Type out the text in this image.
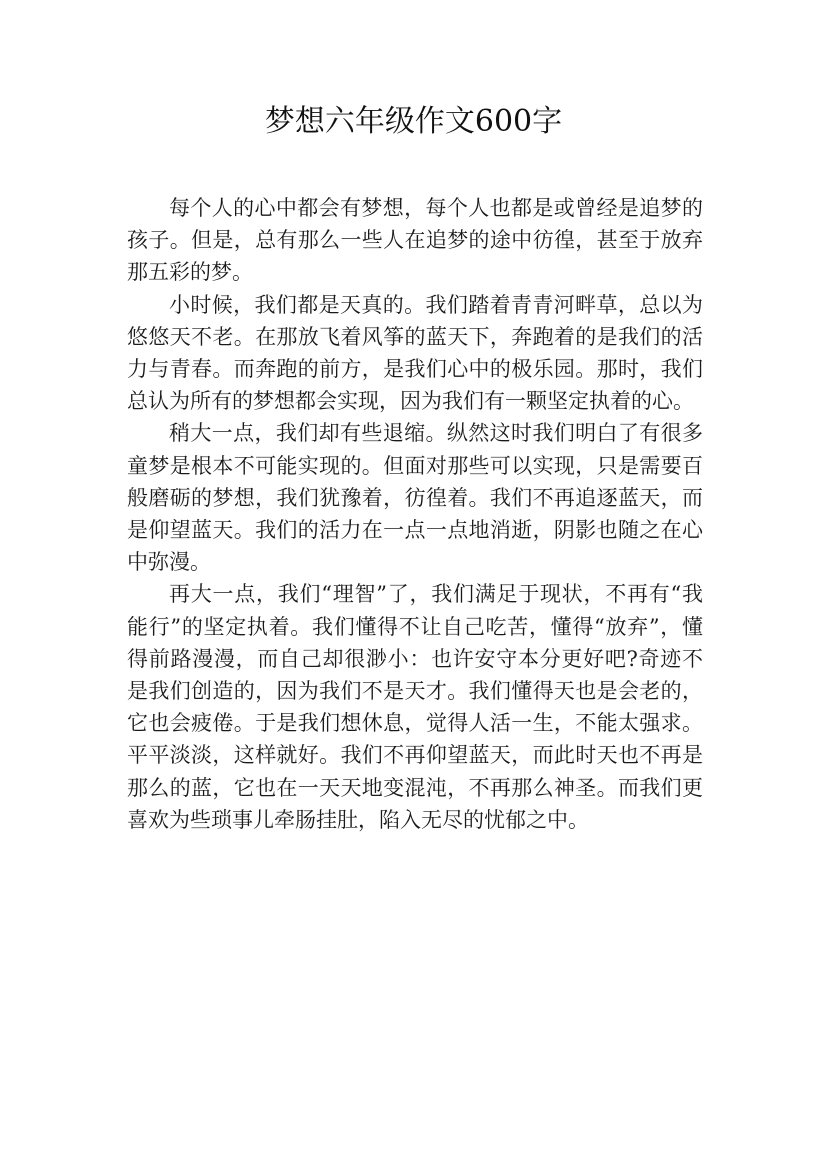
梦想六年级作文600字

每个人的心中都会有梦想，每个人也都是或曾经是追梦的孩子。但是，总有那么一些人在追梦的途中彷徨，甚至于放弃那五彩的梦。

小时候，我们都是天真的。我们踏着青青河畔草，总以为悠悠天不老。在那放飞着风筝的蓝天下，奔跑着的是我们的活力与青春。而奔跑的前方，是我们心中的极乐园。那时，我们总认为所有的梦想都会实现，因为我们有一颗坚定执着的心。

稍大一点，我们却有些退缩。纵然这时我们明白了有很多童梦是根本不可能实现的。但面对那些可以实现，只是需要百般磨砺的梦想，我们犹豫着，彷徨着。我们不再追逐蓝天，而是仰望蓝天。我们的活力在一点一点地消逝，阴影也随之在心中弥漫。

再大一点，我们“理智”了，我们满足于现状，不再有“我能行”的坚定执着。我们懂得不让自己吃苦，懂得“放弃”，懂得前路漫漫，而自己却很渺小：也许安守本分更好吧?奇迹不是我们创造的，因为我们不是天才。我们懂得天也是会老的，它也会疲倦。于是我们想休息，觉得人活一生，不能太强求。平平淡淡，这样就好。我们不再仰望蓝天，而此时天也不再是那么的蓝，它也在一天天地变混沌，不再那么神圣。而我们更喜欢为些琐事儿牵肠挂肚，陷入无尽的忧郁之中。
